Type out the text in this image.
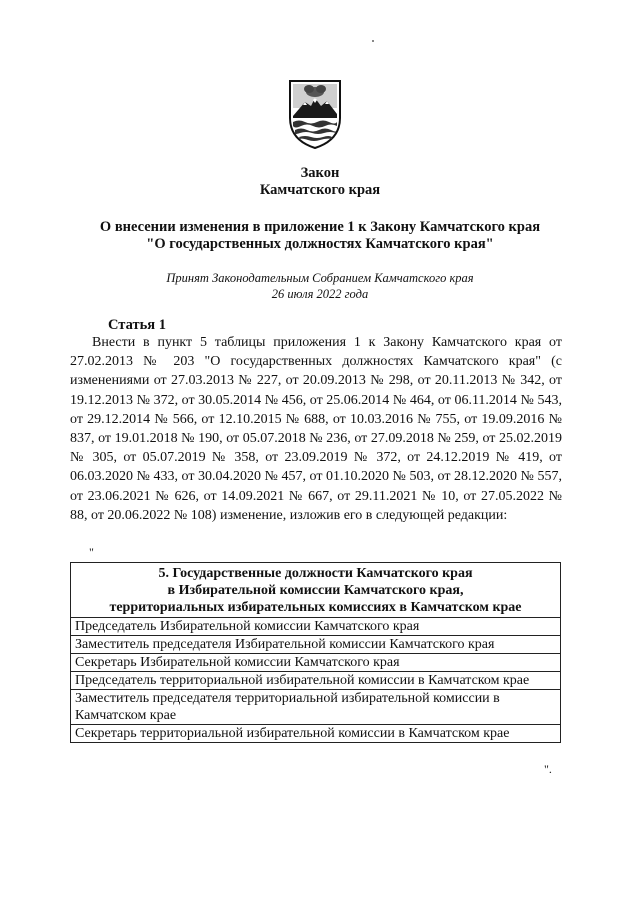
Закон
Камчатского края
О внесении изменения в приложение 1 к Закону Камчатского края
"О государственных должностях Камчатского края"
Принят Законодательным Собранием Камчатского края
26 июля 2022 года
Статья 1
Внести в пункт 5 таблицы приложения 1 к Закону Камчатского края от 27.02.2013 № 203 "О государственных должностях Камчатского края" (с изменениями от 27.03.2013 № 227, от 20.09.2013 № 298, от 20.11.2013 № 342, от 19.12.2013 № 372, от 30.05.2014 № 456, от 25.06.2014 № 464, от 06.11.2014 № 543, от 29.12.2014 № 566, от 12.10.2015 № 688, от 10.03.2016 № 755, от 19.09.2016 № 837, от 19.01.2018 № 190, от 05.07.2018 № 236, от 27.09.2018 № 259, от 25.02.2019 № 305, от 05.07.2019 № 358, от 23.09.2019 № 372, от 24.12.2019 № 419, от 06.03.2020 № 433, от 30.04.2020 № 457, от 01.10.2020 № 503, от 28.12.2020 № 557, от 23.06.2021 № 626, от 14.09.2021 № 667, от 29.11.2021 № 10, от 27.05.2022 № 88, от 20.06.2022 № 108) изменение, изложив его в следующей редакции:
"
5. Государственные должности Камчатского края
в Избирательной комиссии Камчатского края,
территориальных избирательных комиссиях в Камчатском крае

Председатель Избирательной комиссии Камчатского края
Заместитель председателя Избирательной комиссии Камчатского края
Секретарь Избирательной комиссии Камчатского края
Председатель территориальной избирательной комиссии в Камчатском крае
Заместитель председателя территориальной избирательной комиссии в Камчатском крае
Секретарь территориальной избирательной комиссии в Камчатском крае
".
